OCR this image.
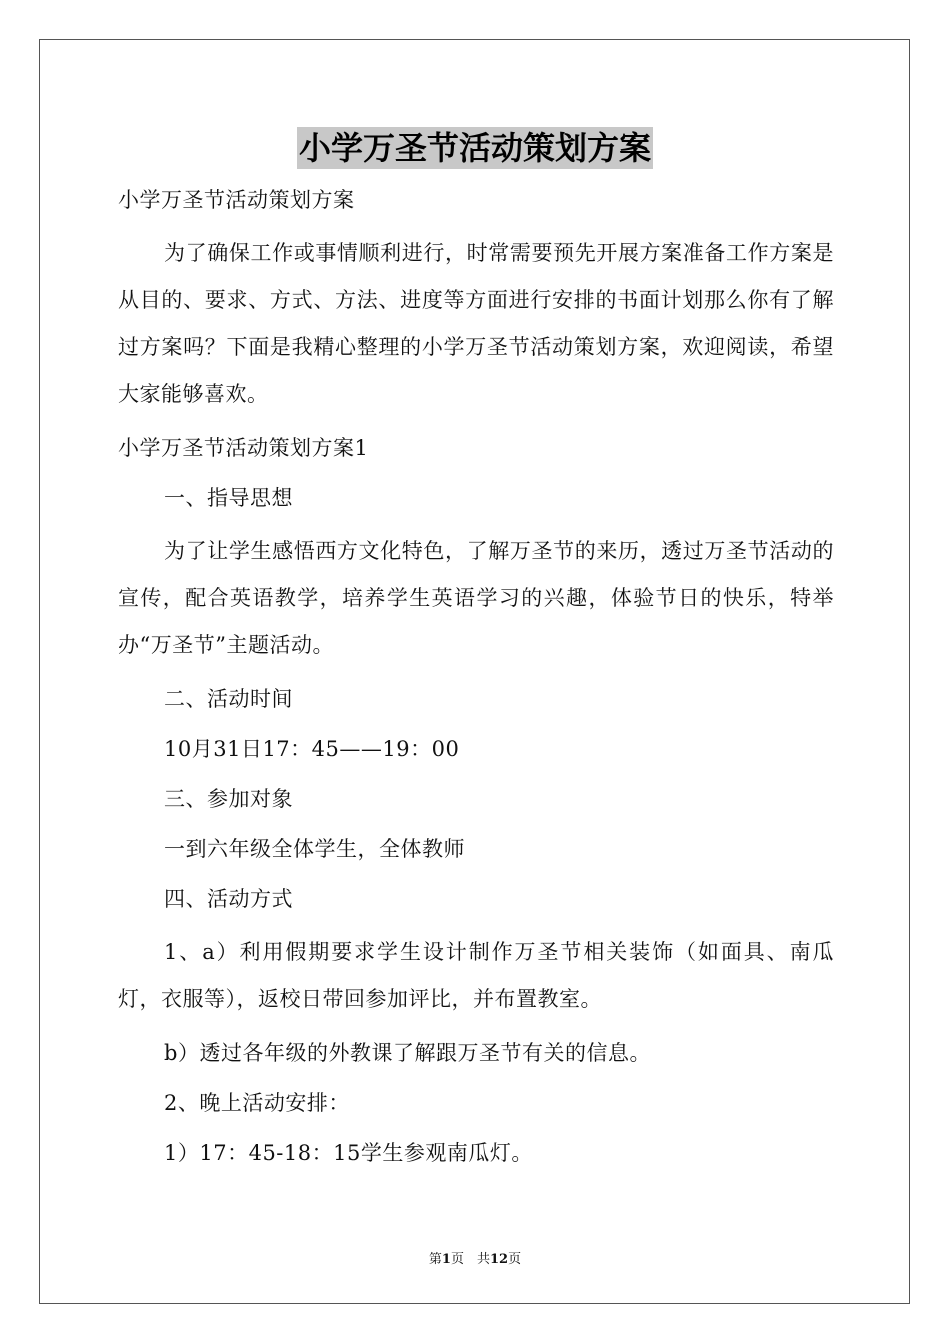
小学万圣节活动策划方案

小学万圣节活动策划方案

为了确保工作或事情顺利进行，时常需要预先开展方案准备工作方案是从目的、要求、方式、方法、进度等方面进行安排的书面计划那么你有了解过方案吗？下面是我精心整理的小学万圣节活动策划方案，欢迎阅读，希望大家能够喜欢。

小学万圣节活动策划方案1

一、指导思想

为了让学生感悟西方文化特色，了解万圣节的来历，透过万圣节活动的宣传，配合英语教学，培养学生英语学习的兴趣，体验节日的快乐，特举办“万圣节”主题活动。

二、活动时间

10月31日17：45——19：00

三、参加对象

一到六年级全体学生，全体教师

四、活动方式

1、a）利用假期要求学生设计制作万圣节相关装饰（如面具、南瓜灯，衣服等），返校日带回参加评比，并布置教室。

b）透过各年级的外教课了解跟万圣节有关的信息。

2、晚上活动安排：

1）17：45-18：15学生参观南瓜灯。

第1页　共12页
